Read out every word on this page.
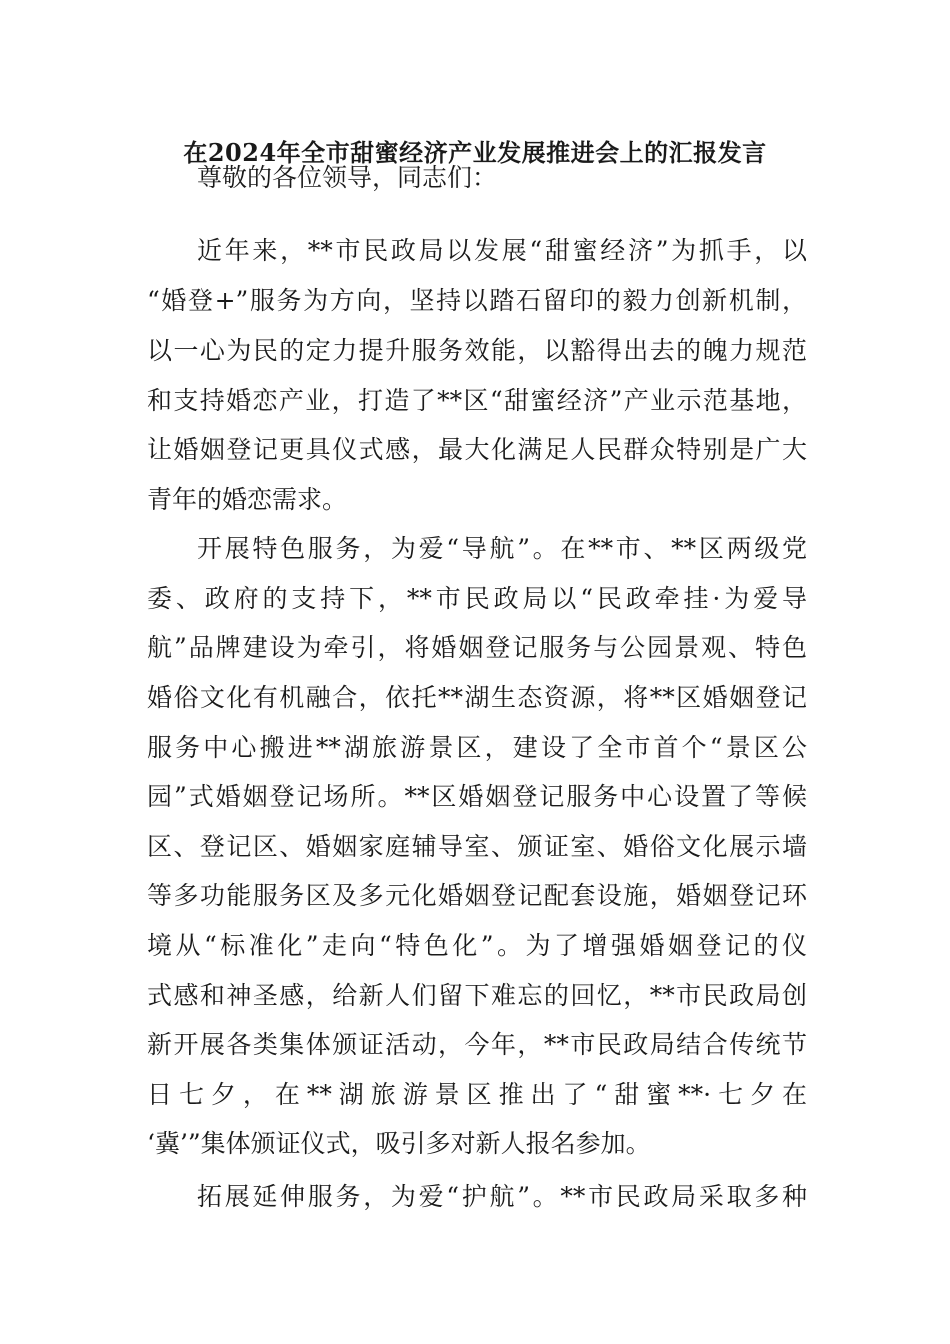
在2024年全市甜蜜经济产业发展推进会上的汇报发言
尊敬的各位领导，同志们：
近年来，**市民政局以发展“甜蜜经济”为抓手，以
“婚登+”服务为方向，坚持以踏石留印的毅力创新机制，
以一心为民的定力提升服务效能，以豁得出去的魄力规范
和支持婚恋产业，打造了**区“甜蜜经济”产业示范基地，
让婚姻登记更具仪式感，最大化满足人民群众特别是广大
青年的婚恋需求。
开展特色服务，为爱“导航”。在**市、**区两级党
委、政府的支持下，**市民政局以“民政牵挂·为爱导
航”品牌建设为牵引，将婚姻登记服务与公园景观、特色
婚俗文化有机融合，依托**湖生态资源，将**区婚姻登记
服务中心搬进**湖旅游景区，建设了全市首个“景区公
园”式婚姻登记场所。**区婚姻登记服务中心设置了等候
区、登记区、婚姻家庭辅导室、颁证室、婚俗文化展示墙
等多功能服务区及多元化婚姻登记配套设施，婚姻登记环
境从“标准化”走向“特色化”。为了增强婚姻登记的仪
式感和神圣感，给新人们留下难忘的回忆，**市民政局创
新开展各类集体颁证活动，今年，**市民政局结合传统节
日七夕，在**湖旅游景区推出了“甜蜜**·七夕在
‘冀’”集体颁证仪式，吸引多对新人报名参加。
拓展延伸服务，为爱“护航”。**市民政局采取多种
